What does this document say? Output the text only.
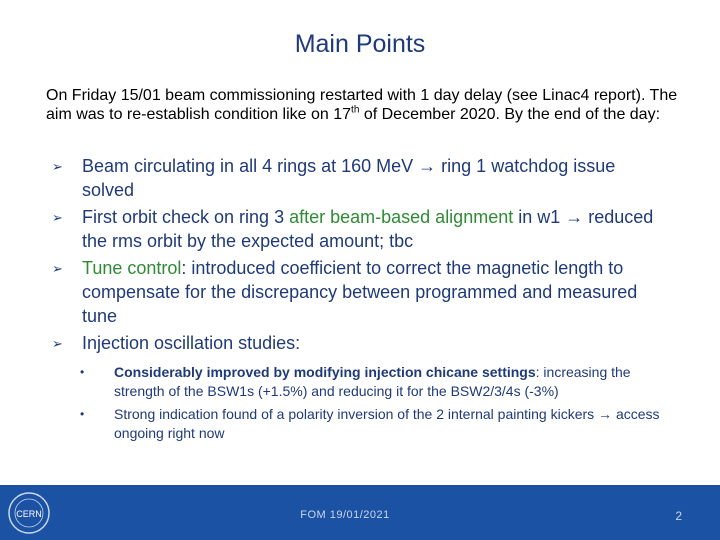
Main Points
On Friday 15/01 beam commissioning restarted with 1 day delay (see Linac4 report). The aim was to re-establish condition like on 17th of December 2020. By the end of the day:
➢ Beam circulating in all 4 rings at 160 MeV → ring 1 watchdog issue solved
➢ First orbit check on ring 3 after beam-based alignment in w1 → reduced the rms orbit by the expected amount; tbc
➢ Tune control: introduced coefficient to correct the magnetic length to compensate for the discrepancy between programmed and measured tune
➢ Injection oscillation studies:
• Considerably improved by modifying injection chicane settings: increasing the strength of the BSW1s (+1.5%) and reducing it for the BSW2/3/4s (-3%)
• Strong indication found of a polarity inversion of the 2 internal painting kickers → access ongoing right now
CERN	FOM 19/01/2021	2
